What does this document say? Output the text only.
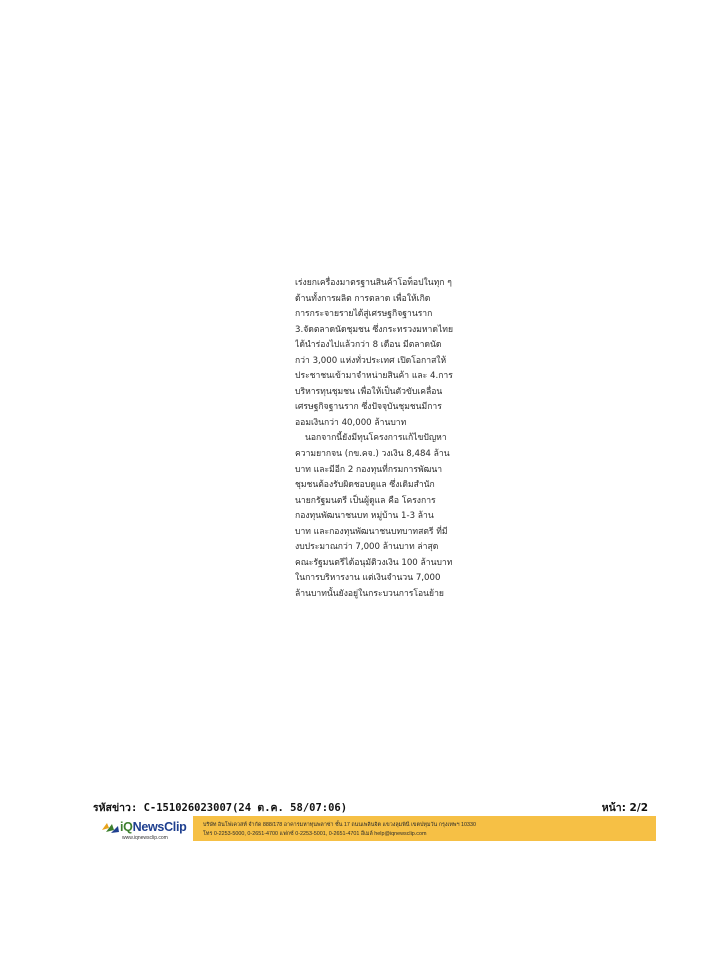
เร่งยกเครื่องมาตรฐานสินค้าโอท็อปในทุก ๆ
ด้านทั้งการผลิต การตลาด เพื่อให้เกิด
การกระจายรายได้สู่เศรษฐกิจฐานราก
3.จัดตลาดนัดชุมชน ซึ่งกระทรวงมหาดไทย
ได้นำร่องไปแล้วกว่า 8 เดือน มีตลาดนัด
กว่า 3,000 แห่งทั่วประเทศ เปิดโอกาสให้
ประชาชนเข้ามาจำหน่ายสินค้า และ 4.การ
บริหารทุนชุมชน เพื่อให้เป็นตัวขับเคลื่อน
เศรษฐกิจฐานราก ซึ่งปัจจุบันชุมชนมีการ
ออมเงินกว่า 40,000 ล้านบาท
นอกจากนี้ยังมีทุนโครงการแก้ไขปัญหา
ความยากจน (กข.คจ.) วงเงิน 8,484 ล้าน
บาท และมีอีก 2 กองทุนที่กรมการพัฒนา
ชุมชนต้องรับผิดชอบดูแล ซึ่งเดิมสำนัก
นายกรัฐมนตรี เป็นผู้ดูแล คือ โครงการ
กองทุนพัฒนาชนบท หมู่บ้าน 1-3 ล้าน
บาท และกองทุนพัฒนาชนบทบาทสตรี ที่มี
งบประมาณกว่า 7,000 ล้านบาท ล่าสุด
คณะรัฐมนตรีได้อนุมัติวงเงิน 100 ล้านบาท
ในการบริหารงาน แต่เงินจำนวน 7,000
ล้านบาทนั้นยังอยู่ในกระบวนการโอนย้าย
รหัสข่าว: C-151026023007(24 ต.ค. 58/07:06)	หน้า: 2/2
iQNewsClip
www.iqnewsclip.com
บริษัท อินโฟเควสท์ จำกัด 888/178 อาคารมหาทุนพลาซ่า ชั้น 17 ถนนเพลินจิต แขวงลุมพินี เขตปทุมวัน กรุงเทพฯ 10330
โทร 0-2253-5000, 0-2651-4700 แฟกซ์ 0-2253-5001, 0-2651-4701 อีเมล์ help@iqnewsclip.com
